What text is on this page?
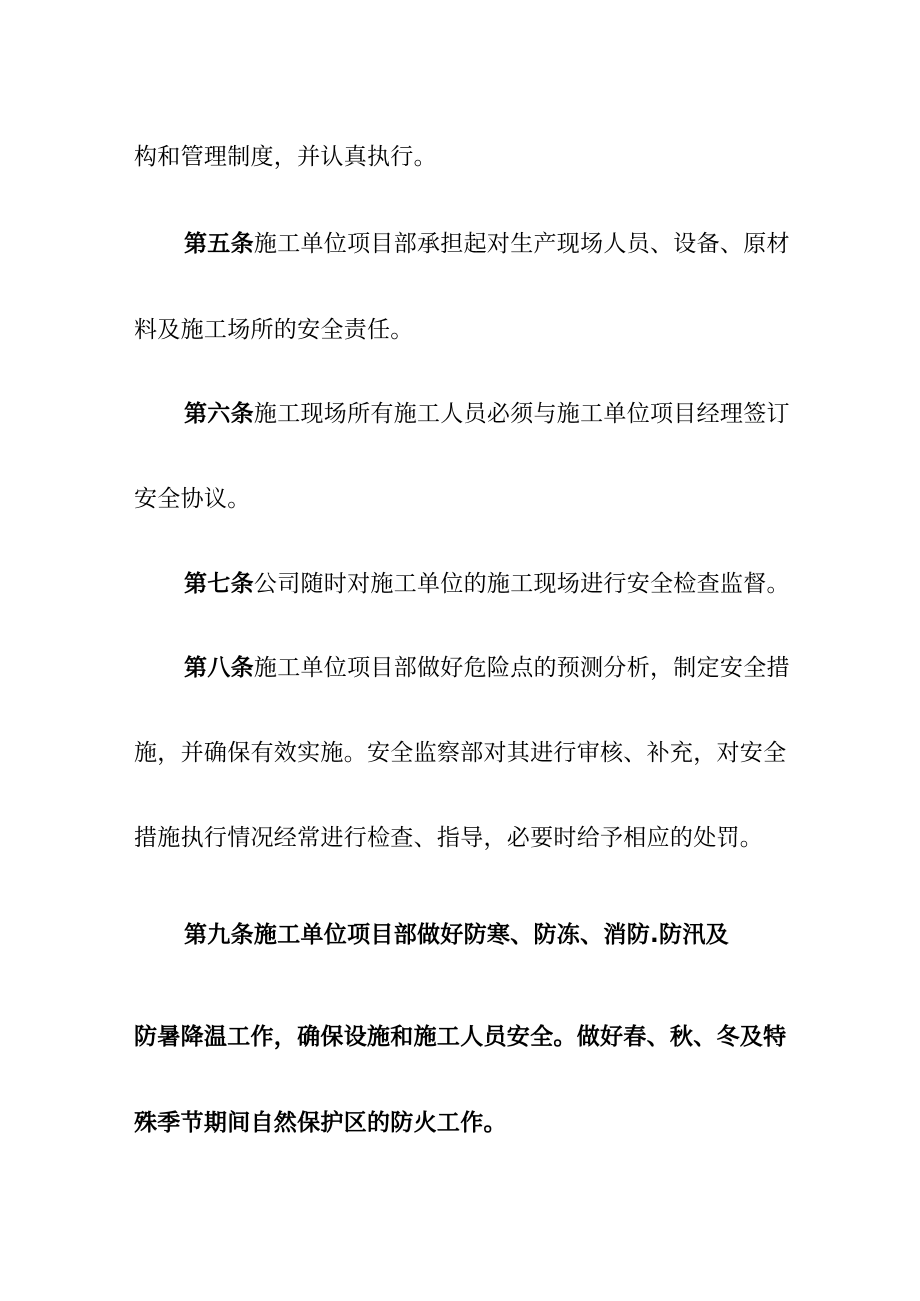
构和管理制度，并认真执行。
第五条施工单位项目部承担起对生产现场人员、设备、原材
料及施工场所的安全责任。
第六条施工现场所有施工人员必须与施工单位项目经理签订
安全协议。
第七条公司随时对施工单位的施工现场进行安全检查监督。
第八条施工单位项目部做好危险点的预测分析，制定安全措
施，并确保有效实施。安全监察部对其进行审核、补充，对安全
措施执行情况经常进行检查、指导，必要时给予相应的处罚。
第九条施工单位项目部做好防寒、防冻、消防.防汛及
防暑降温工作，确保设施和施工人员安全。做好春、秋、冬及特
殊季节期间自然保护区的防火工作。
